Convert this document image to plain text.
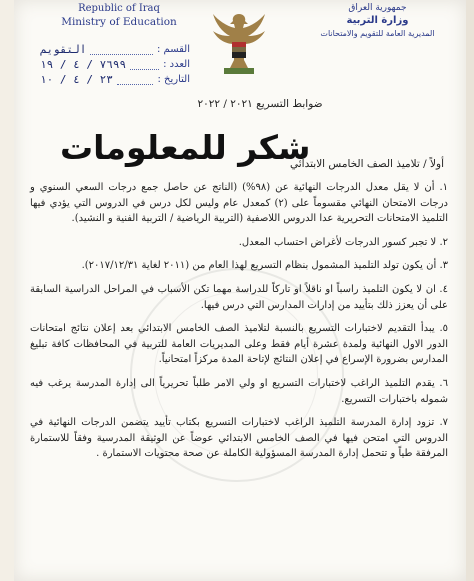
Republic of Iraq
Ministry of Education
جمهورية العراق
وزارة التربية
المديرية العامة للتقويم والامتحانات
القسم :
التقويم
العدد :
٧٦٩٩ / ٤ / ١٩
التاريخ :
٢٣ / ٤ / ١٠
ضوابط التسريع ٢٠٢١ / ٢٠٢٢
شكر للمعلومات
أولاً / تلاميذ الصف الخامس الابتدائي

١. أن لا يقل معدل الدرجات النهائية عن (٩٨%) (الناتج عن حاصل جمع درجات السعي السنوي و درجات الامتحان النهائي مقسوماً على (٢) كمعدل عام وليس لكل درس في الدروس التي يؤدي فيها التلميذ الامتحانات التحريرية عدا الدروس اللاصفية (التربية الرياضية / التربية الفنية و النشيد).

٢. لا تجبر كسور الدرجات لأغراض احتساب المعدل.

٣. أن يكون تولد التلميذ المشمول بنظام التسريع لهذا العام من (٢٠١١ لغاية ٢٠١٧/١٢/٣١).

٤. ان لا يكون التلميذ راسباً او ناقلاً او تاركاً للدراسة مهما تكن الأسباب في المراحل الدراسية السابقة على أن يعزز ذلك بتأييد من إدارات المدارس التي درس فيها.

٥. يبدأ التقديم لاختبارات التسريع بالنسبة لتلاميذ الصف الخامس الابتدائي بعد إعلان نتائج امتحانات الدور الاول النهائية ولمدة عشرة أيام فقط وعلى المديريات العامة للتربية في المحافظات كافة تبليغ المدارس بضرورة الإسراع في إعلان النتائج لإتاحة المدة مركزاً امتحانياً.

٦. يقدم التلميذ الراغب لاختبارات التسريع او ولي الامر طلباً تحريرياً الى إدارة المدرسة يرغب فيه شموله باختبارات التسريع.

٧. تزود إدارة المدرسة التلميذ الراغب لاختبارات التسريع بكتاب تأييد يتضمن الدرجات النهائية في الدروس التي امتحن فيها في الصف الخامس الابتدائي عوضاً عن الوثيقة المدرسية وفقاً للاستمارة المرفقة طياً و تتحمل إدارة المدرسة المسؤولية الكاملة عن صحة محتويات الاستمارة .
